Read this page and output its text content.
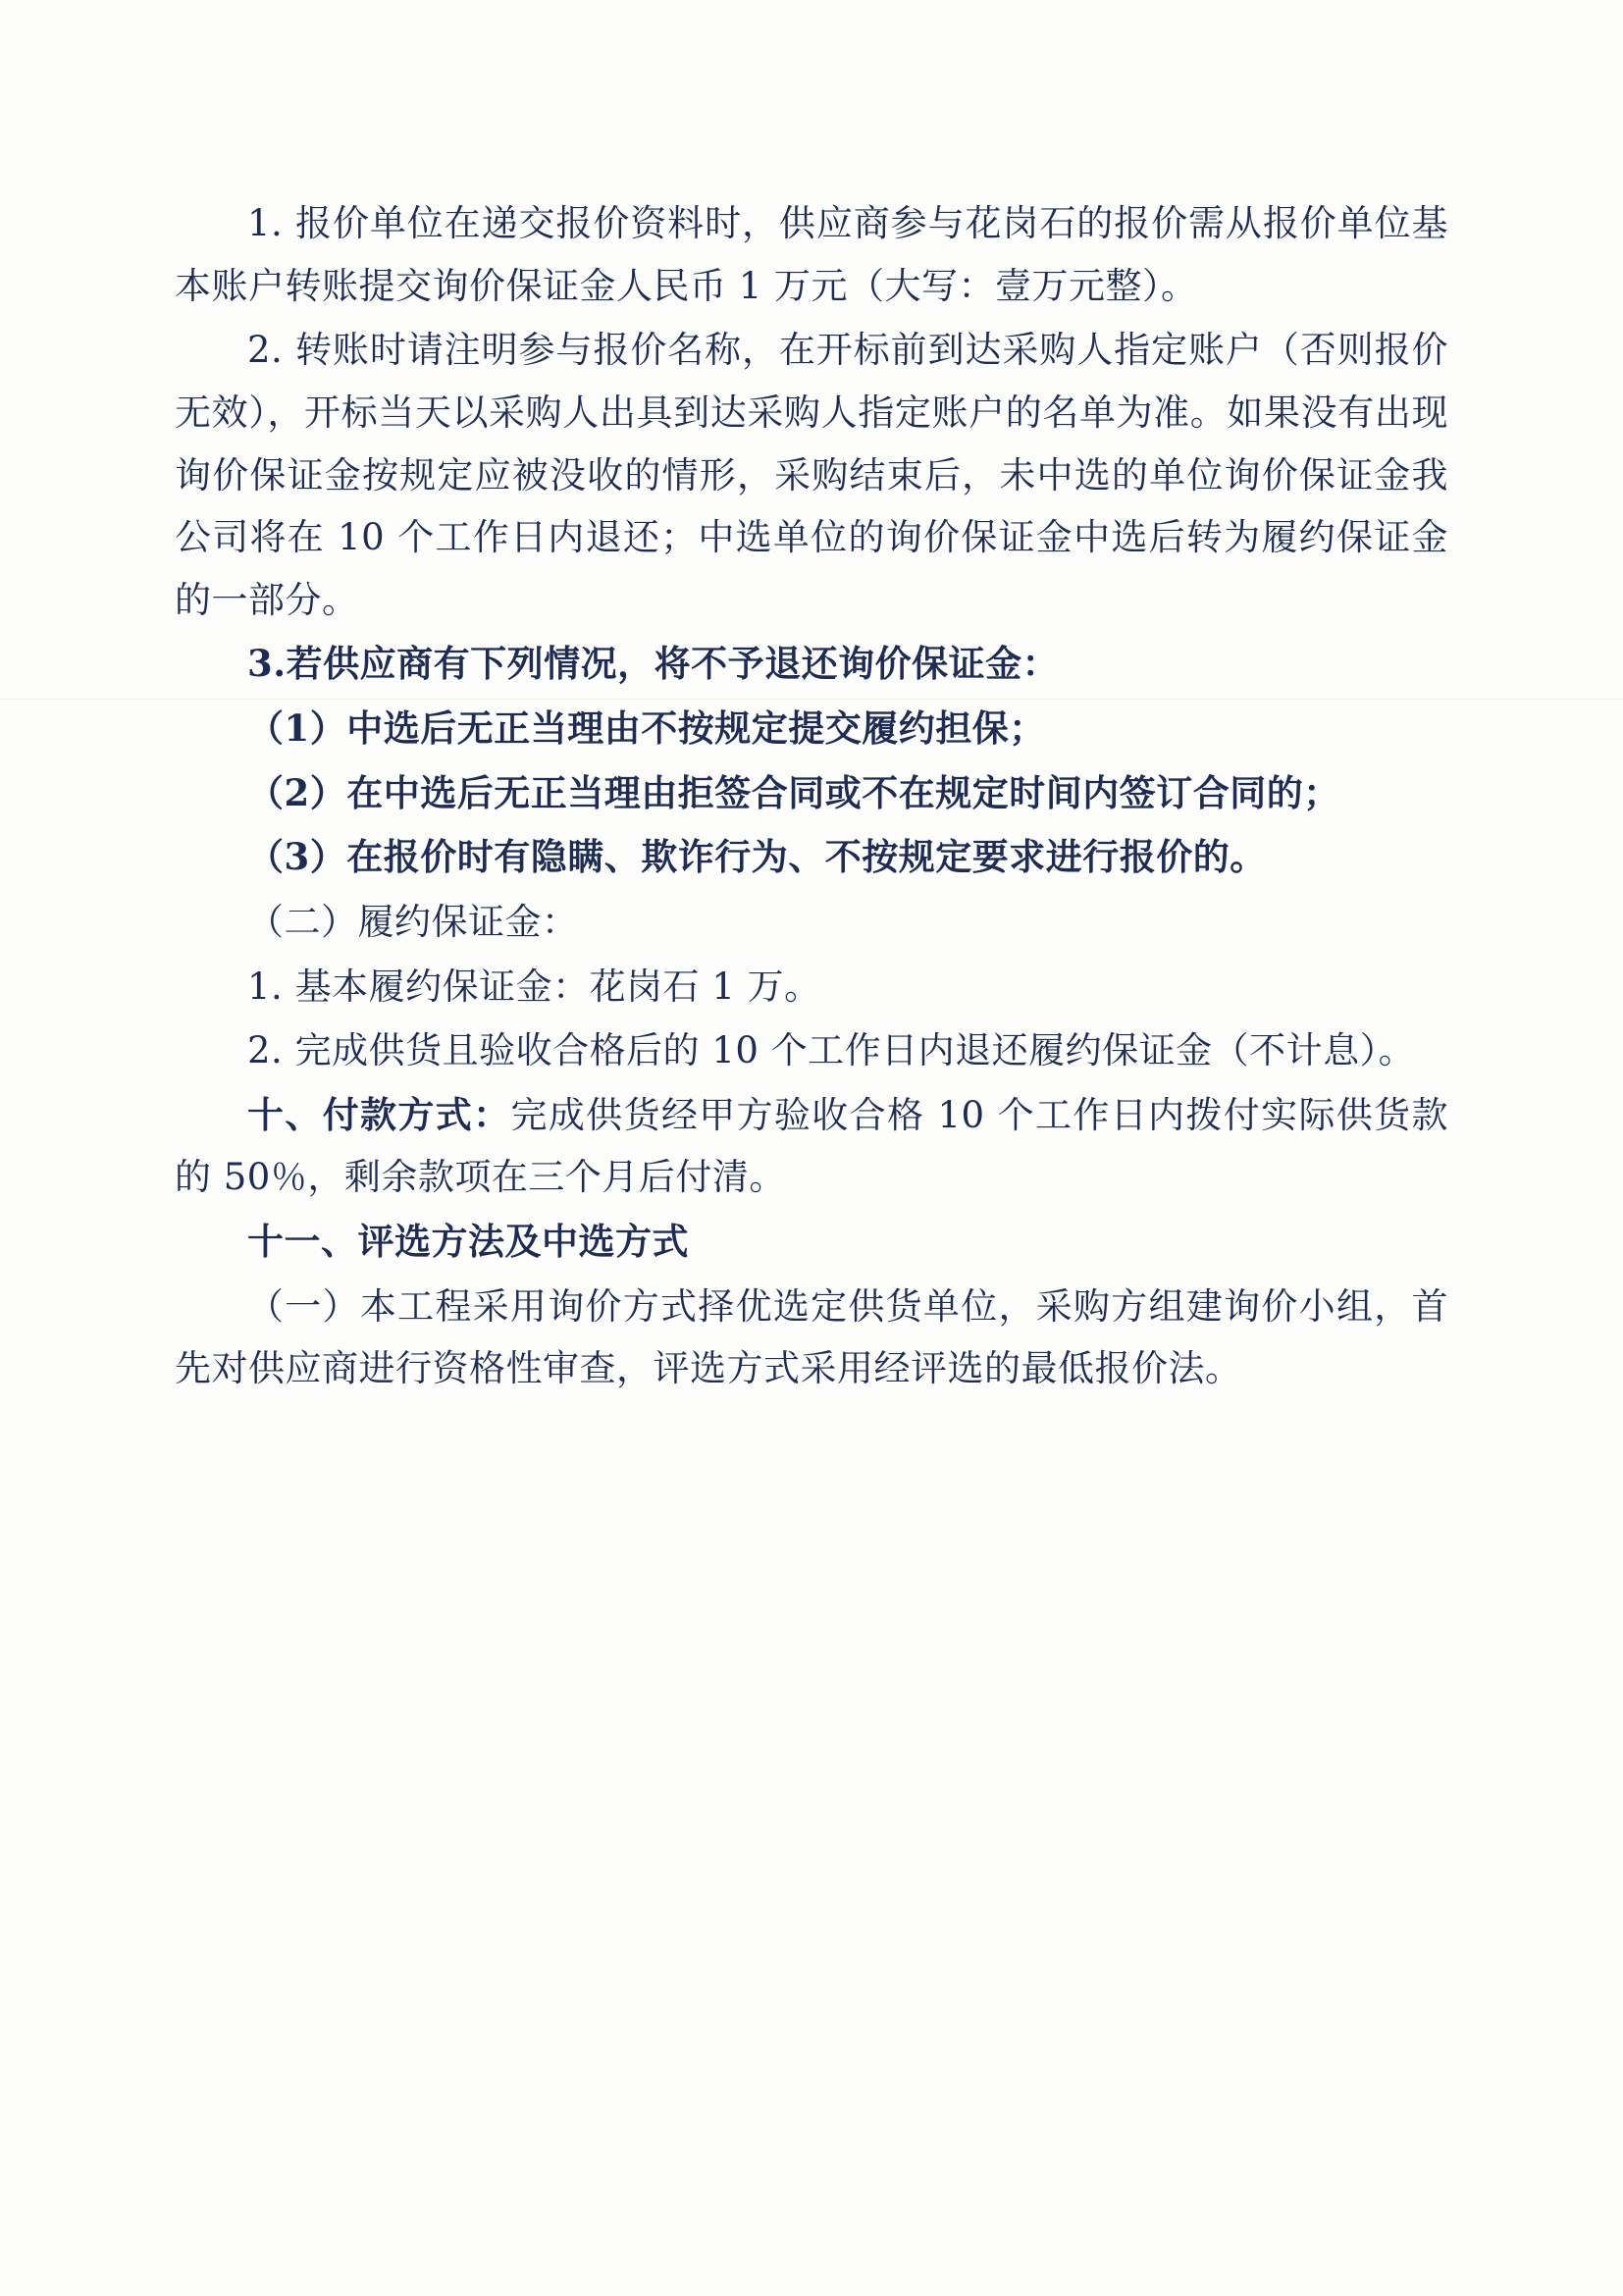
1. 报价单位在递交报价资料时，供应商参与花岗石的报价需从报价单位基本账户转账提交询价保证金人民币 1 万元（大写：壹万元整）。

2. 转账时请注明参与报价名称，在开标前到达采购人指定账户（否则报价无效），开标当天以采购人出具到达采购人指定账户的名单为准。如果没有出现询价保证金按规定应被没收的情形，采购结束后，未中选的单位询价保证金我公司将在 10 个工作日内退还；中选单位的询价保证金中选后转为履约保证金的一部分。

3.若供应商有下列情况，将不予退还询价保证金：

（1）中选后无正当理由不按规定提交履约担保；

（2）在中选后无正当理由拒签合同或不在规定时间内签订合同的；

（3）在报价时有隐瞒、欺诈行为、不按规定要求进行报价的。

（二）履约保证金：

1. 基本履约保证金：花岗石 1 万。

2. 完成供货且验收合格后的 10 个工作日内退还履约保证金（不计息）。

十、付款方式：完成供货经甲方验收合格 10 个工作日内拨付实际供货款的 50％，剩余款项在三个月后付清。

十一、评选方法及中选方式

（一）本工程采用询价方式择优选定供货单位，采购方组建询价小组，首先对供应商进行资格性审查，评选方式采用经评选的最低报价法。
